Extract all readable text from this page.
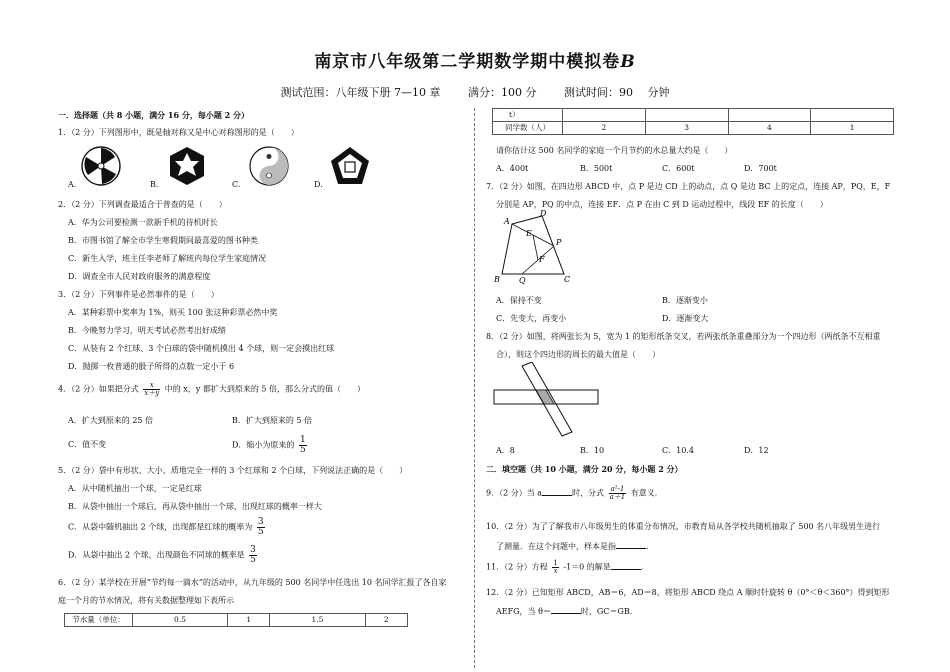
南京市八年级第二学期数学期中模拟卷B
测试范围：八年级下册 7—10 章	满分：100 分	测试时间：90　 分钟
一．选择题（共 8 小题，满分 16 分，每小题 2 分）
1．（2 分）下列图形中，既是轴对称又是中心对称图形的是（　　）
A.	B.	C.	D.
2．（2 分）下列调查最适合于普查的是（　　）
A．华为公司要检测一款新手机的待机时长
B．市图书馆了解全市学生寒假期间最喜爱的图书种类
C．新生入学，班主任李老师了解班内每位学生家庭情况
D．调查全市人民对政府服务的满意程度
3．（2 分）下列事件是必然事件的是（　　）
A．某种彩票中奖率为 1%，则买 100 张这种彩票必然中奖
B．今晚努力学习，明天考试必然考出好成绩
C．从装有 2 个红球、3 个白球的袋中随机摸出 4 个球，则一定会摸出红球
D．抛掷一枚普通的骰子所得的点数一定小于 6
4．（2 分）如果把分式 $\frac{x}{x+y}$ 中的 x，y 都扩大到原来的 5 倍，那么分式的值（　　）
A．扩大到原来的 25 倍	B．扩大到原来的 5 倍
C．值不变	D．缩小为原来的 $\frac{1}{5}$
5．（2 分）袋中有形状、大小、质地完全一样的 3 个红球和 2 个白球，下列说法正确的是（　　）
A．从中随机抽出一个球，一定是红球
B．从袋中抽出一个球后，再从袋中抽出一个球，出现红球的概率一样大
C．从袋中随机抽出 2 个球，出现都是红球的概率为 $\frac{3}{5}$
D．从袋中抽出 2 个球，出现颜色不同球的概率是 $\frac{3}{5}$
6．（2 分）某学校在开展“节约每一滴水”的活动中，从九年级的 500 名同学中任选出 10 名同学汇报了各自家
庭一个月的节水情况，将有关数据整理如下表所示
节水量（单位：	0.5	1	1.5	2
t）				
同学数（人）	2	3	4	1
请你估计这 500 名同学的家庭一个月节约的水总量大约是（　　）
A．400t	B．500t	C．600t	D．700t
7．（2 分）如图，在四边形 ABCD 中，点 P 是边 CD 上的动点，点 Q 是边 BC 上的定点，连接 AP，PQ，E，F
分别是 AP，PQ 的中点，连接 EF．点 P 在由 C 到 D 运动过程中，线段 EF 的长度（　　）
A
D
E
P
F
B Q	C
A．保持不变	B．逐渐变小
C．先变大，再变小	D．逐渐变大
8．（2 分）如图，将两张长为 5，宽为 1 的矩形纸条交叉，若两张纸条重叠部分为一个四边形（两纸条不互相重
合），则这个四边形的周长的最大值是（　　）
A．8	B．10	C．10.4	D．12
二．填空题（共 10 小题，满分 20 分，每小题 2 分）
9．（2 分）当 a	时，分式 $\frac{\text{a²-1}}{a+1}$ 有意义．
10．（2 分）为了了解我市八年级男生的体重分布情况，市教育局从各学校共随机抽取了 500 名八年级男生进行
了测量．在这个问题中，样本是指	．
11．（2 分）方程 $\frac{1}{x} -1=0$ 的解是	．
12．（2 分）已知矩形 ABCD，AB＝6，AD＝8，将矩形 ABCD 绕点 A 顺时针旋转 θ（0°＜θ＜360°）得到矩形
AEFG，当 θ＝	时，GC＝GB．
